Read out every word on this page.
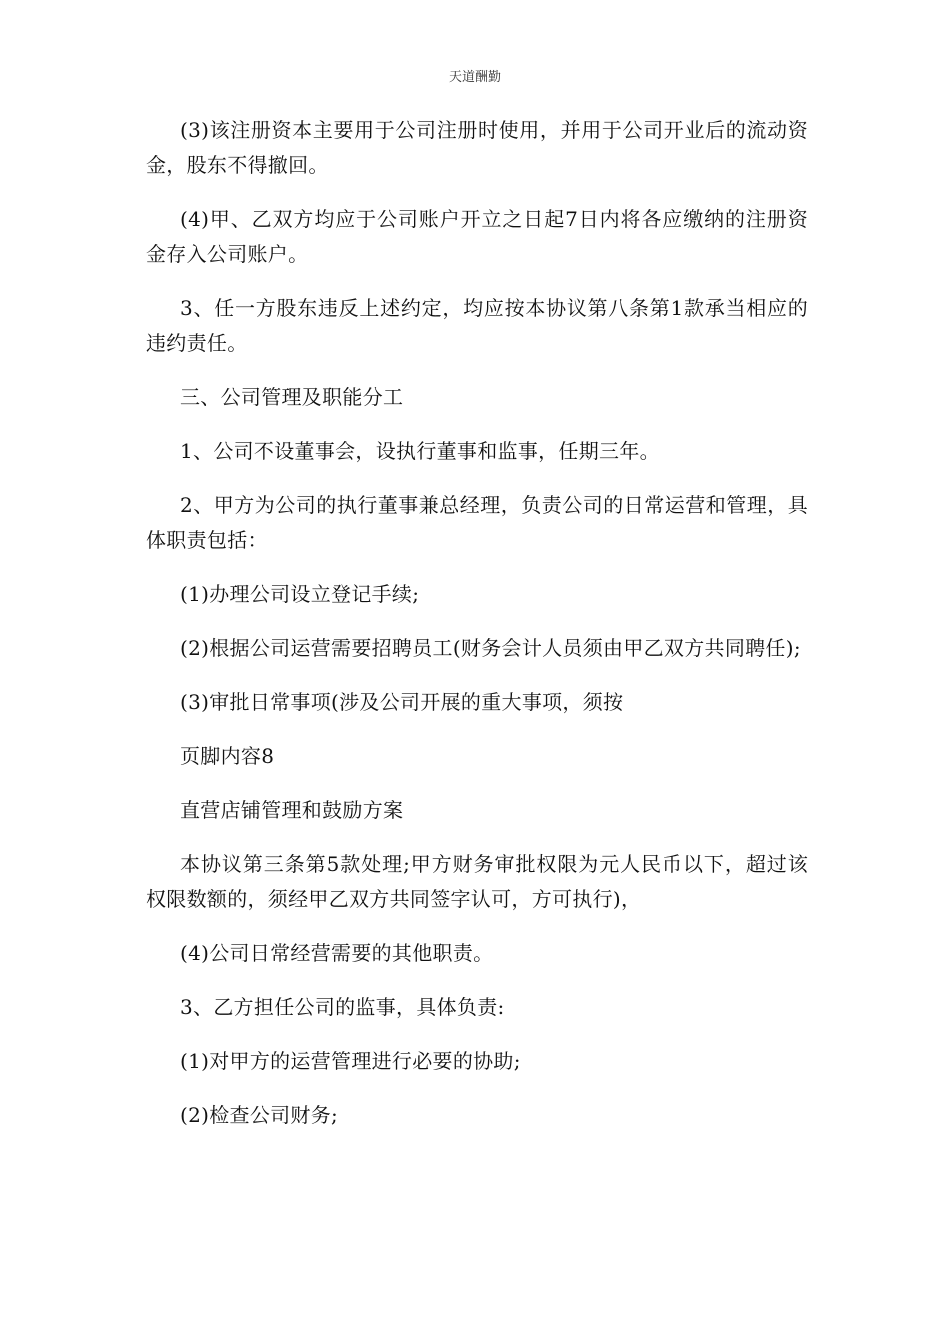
天道酬勤

(3)该注册资本主要用于公司注册时使用，并用于公司开业后的流动资金，股东不得撤回。

(4)甲、乙双方均应于公司账户开立之日起7日内将各应缴纳的注册资金存入公司账户。

3、任一方股东违反上述约定，均应按本协议第八条第1款承当相应的违约责任。

三、公司管理及职能分工

1、公司不设董事会，设执行董事和监事，任期三年。

2、甲方为公司的执行董事兼总经理，负责公司的日常运营和管理，具体职责包括：

(1)办理公司设立登记手续;

(2)根据公司运营需要招聘员工(财务会计人员须由甲乙双方共同聘任);

(3)审批日常事项(涉及公司开展的重大事项，须按

页脚内容8

直营店铺管理和鼓励方案

本协议第三条第5款处理;甲方财务审批权限为元人民币以下，超过该权限数额的，须经甲乙双方共同签字认可，方可执行)，

(4)公司日常经营需要的其他职责。

3、乙方担任公司的监事，具体负责:

(1)对甲方的运营管理进行必要的协助;

(2)检查公司财务;
